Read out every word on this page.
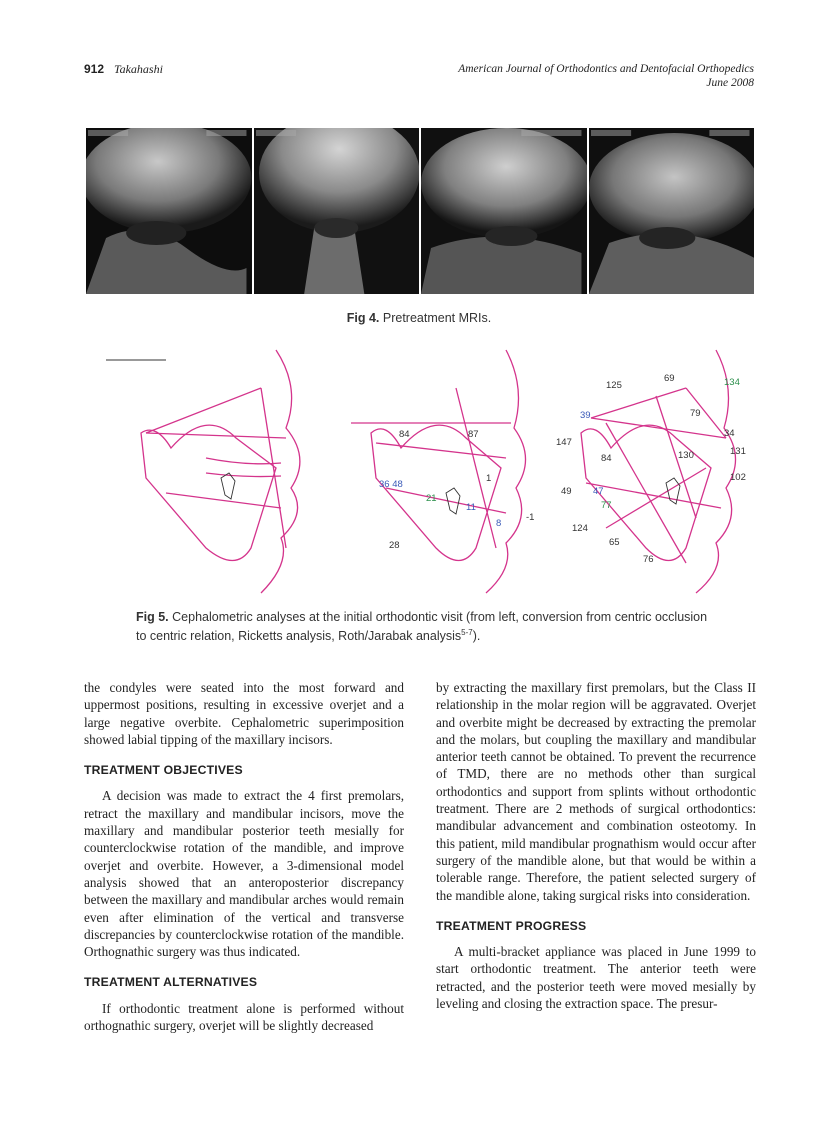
912 Takahashi	American Journal of Orthodontics and Dentofacial Orthopedics
June 2008
Fig 4. Pretreatment MRIs.
84	87
36 48
21
1
11
8
-1
28
125
69	134
39	79
147
84	130
34
131
102
49 47
77
124
65
76
Fig 5. Cephalometric analyses at the initial orthodontic visit (from left, conversion from centric occlusion to centric relation, Ricketts analysis, Roth/Jarabak analysis$^{5-7}$).

the condyles were seated into the most forward and uppermost positions, resulting in excessive overjet and a large negative overbite. Cephalometric superimposition showed labial tipping of the maxillary incisors.

TREATMENT OBJECTIVES

A decision was made to extract the 4 first premolars, retract the maxillary and mandibular incisors, move the maxillary and mandibular posterior teeth mesially for counterclockwise rotation of the mandible, and improve overjet and overbite. However, a 3-dimensional model analysis showed that an anteroposterior discrepancy between the maxillary and mandibular arches would remain even after elimination of the vertical and transverse discrepancies by counterclockwise rotation of the mandible. Orthognathic surgery was thus indicated.

TREATMENT ALTERNATIVES

If orthodontic treatment alone is performed without orthognathic surgery, overjet will be slightly decreased

by extracting the maxillary first premolars, but the Class II relationship in the molar region will be aggravated. Overjet and overbite might be decreased by extracting the premolar and the molars, but coupling the maxillary and mandibular anterior teeth cannot be obtained. To prevent the recurrence of TMD, there are no methods other than surgical orthodontics and support from splints without orthodontic treatment. There are 2 methods of surgical orthodontics: mandibular advancement and combination osteotomy. In this patient, mild mandibular prognathism would occur after surgery of the mandible alone, but that would be within a tolerable range. Therefore, the patient selected surgery of the mandible alone, taking surgical risks into consideration.

TREATMENT PROGRESS

A multi-bracket appliance was placed in June 1999 to start orthodontic treatment. The anterior teeth were retracted, and the posterior teeth were moved mesially by leveling and closing the extraction space. The presur-
